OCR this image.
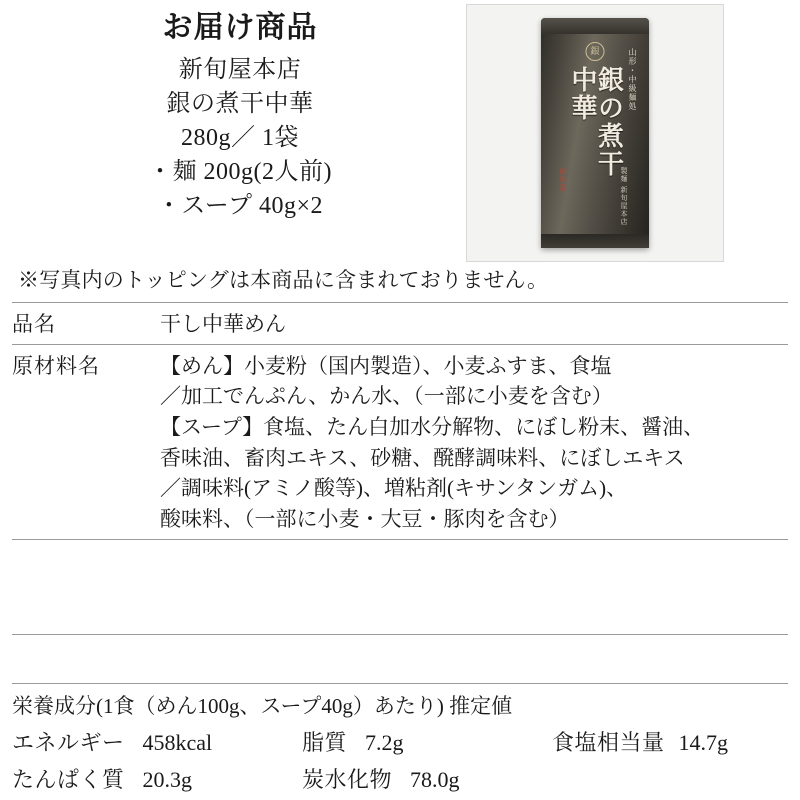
お届け商品
新旬屋本店
銀の煮干中華
280g／ 1袋
・麺 200g(2人前)
・スープ 40g×2
銀	山形・中級麺処
銀の煮干中華
新旬屋	製麺 新旬屋本店
※写真内のトッピングは本商品に含まれておりません。
品名	干し中華めん

原材料名	【めん】小麦粉（国内製造）、小麦ふすま、食塩
／加工でんぷん、かん水、（一部に小麦を含む）
【スープ】食塩、たん白加水分解物、にぼし粉末、醤油、
香味油、畜肉エキス、砂糖、醗酵調味料、にぼしエキス
／調味料(アミノ酸等)、増粘剤(キサンタンガム)、
酸味料、（一部に小麦・大豆・豚肉を含む）

栄養成分(1食（めん100g、スープ40g）あたり) 推定値
エネルギー 458kcal	脂質 7.2g	食塩相当量 14.7g
たんぱく質 20.3g	炭水化物 78.0g
